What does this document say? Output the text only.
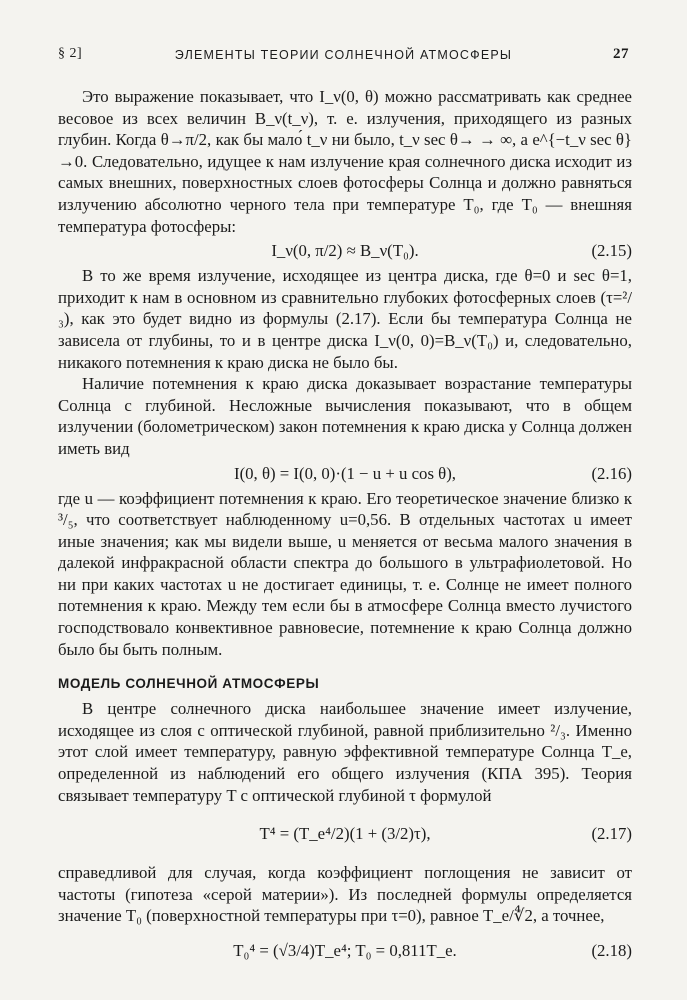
§ 2]	ЭЛЕМЕНТЫ ТЕОРИИ СОЛНЕЧНОЙ АТМОСФЕРЫ	27

Это выражение показывает, что I_ν(0, θ) можно рассматривать как среднее весовое из всех величин B_ν(t_ν), т. е. излучения, приходящего из разных глубин. Когда θ→π/2, как бы мало́ t_ν ни было, t_ν sec θ→ → ∞, а e^{−t_ν sec θ}→0. Следовательно, идущее к нам излучение края солнечного диска исходит из самых внешних, поверхностных слоев фотосферы Солнца и должно равняться излучению абсолютно черного тела при температуре T₀, где T₀ — внешняя температура фотосферы:

I_ν(0, π/2) ≈ B_ν(T₀).	(2.15)

В то же время излучение, исходящее из центра диска, где θ=0 и sec θ=1, приходит к нам в основном из сравнительно глубоких фотосферных слоев (τ=²/₃), как это будет видно из формулы (2.17). Если бы температура Солнца не зависела от глубины, то и в центре диска I_ν(0, 0)=B_ν(T₀) и, следовательно, никакого потемнения к краю диска не было бы.

Наличие потемнения к краю диска доказывает возрастание температуры Солнца с глубиной. Несложные вычисления показывают, что в общем излучении (болометрическом) закон потемнения к краю диска у Солнца должен иметь вид

I(0, θ) = I(0, 0)·(1 − u + u cos θ),	(2.16)

где u — коэффициент потемнения к краю. Его теоретическое значение близко к ³/₅, что соответствует наблюденному u=0,56. В отдельных частотах u имеет иные значения; как мы видели выше, u меняется от весьма малого значения в далекой инфракрасной области спектра до большого в ультрафиолетовой. Но ни при каких частотах u не достигает единицы, т. е. Солнце не имеет полного потемнения к краю. Между тем если бы в атмосфере Солнца вместо лучистого господствовало конвективное равновесие, потемнение к краю Солнца должно было бы быть полным.

МОДЕЛЬ СОЛНЕЧНОЙ АТМОСФЕРЫ

В центре солнечного диска наибольшее значение имеет излучение, исходящее из слоя с оптической глубиной, равной приблизительно ²/₃. Именно этот слой имеет температуру, равную эффективной температуре Солнца T_e, определенной из наблюдений его общего излучения (КПА 395). Теория связывает температуру T с оптической глубиной τ формулой

T⁴ = (T_e⁴/2)(1 + (3/2)τ),	(2.17)

справедливой для случая, когда коэффициент поглощения не зависит от частоты (гипотеза «серой материи»). Из последней формулы определяется значение T₀ (поверхностной температуры при τ=0), равное T_e/∜2, а точнее,

T₀⁴ = (√3/4)T_e⁴; T₀ = 0,811T_e.	(2.18)
